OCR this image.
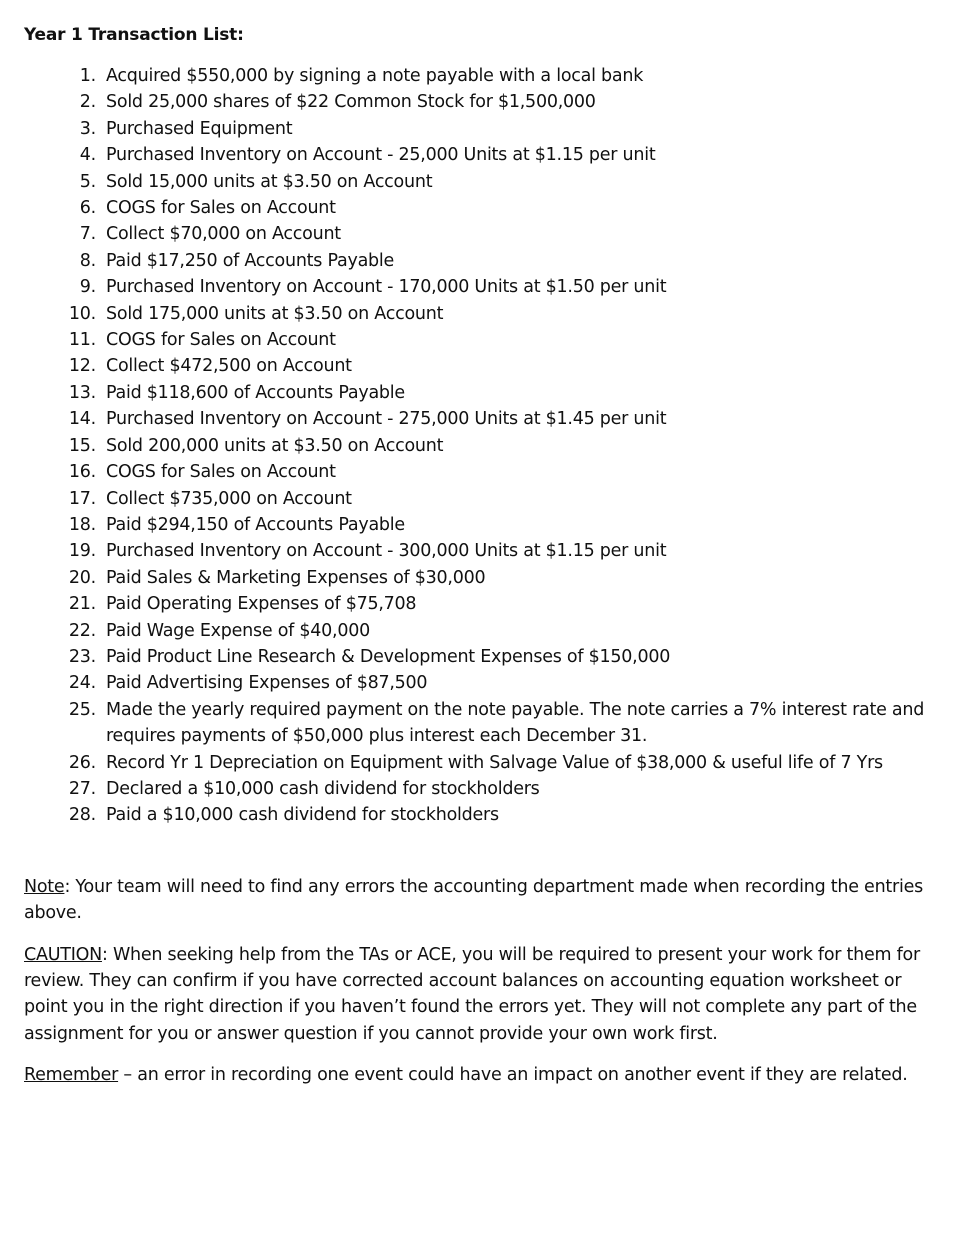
Year 1 Transaction List:
1 . Acquired $550,000 by signing a note payable with a local bank
2 . Sold 25,000 shares of $22 Common Stock for $1,500,000
3 . Purchased Equipment
4 . Purchased Inventory on Account - 25,000 Units at $1.15 per unit
5 . Sold 15,000 units at $3.50 on Account
6 . COGS for Sales on Account
7 . Collect $70,000 on Account
8 . Paid $17,250 of Accounts Payable
9 . Purchased Inventory on Account - 170,000 Units at $1.50 per unit
10 . Sold 175,000 units at $3.50 on Account
11 . COGS for Sales on Account
12 . Collect $472,500 on Account
13 . Paid $118,600 of Accounts Payable
14 . Purchased Inventory on Account - 275,000 Units at $1.45 per unit
15 . Sold 200,000 units at $3.50 on Account
16 . COGS for Sales on Account
17 . Collect $735,000 on Account
18 . Paid $294,150 of Accounts Payable
19 . Purchased Inventory on Account - 300,000 Units at $1.15 per unit
20 . Paid Sales & Marketing Expenses of $30,000
21 . Paid Operating Expenses of $75,708
22 . Paid Wage Expense of $40,000
23 . Paid Product Line Research & Development Expenses of $150,000
24 . Paid Advertising Expenses of $87,500
25 . Made the yearly required payment on the note payable. The note carries a 7% interest rate and requires payments of $50,000 plus interest each December 31.
26 . Record Yr 1 Depreciation on Equipment with Salvage Value of $38,000 & useful life of 7 Yrs
27 . Declared a $10,000 cash dividend for stockholders
28 . Paid a $10,000 cash dividend for stockholders

Note: Your team will need to find any errors the accounting department made when recording the entries above.

CAUTION: When seeking help from the TAs or ACE, you will be required to present your work for them for review. They can confirm if you have corrected account balances on accounting equation worksheet or point you in the right direction if you haven’t found the errors yet. They will not complete any part of the assignment for you or answer question if you cannot provide your own work first.

Remember – an error in recording one event could have an impact on another event if they are related.
